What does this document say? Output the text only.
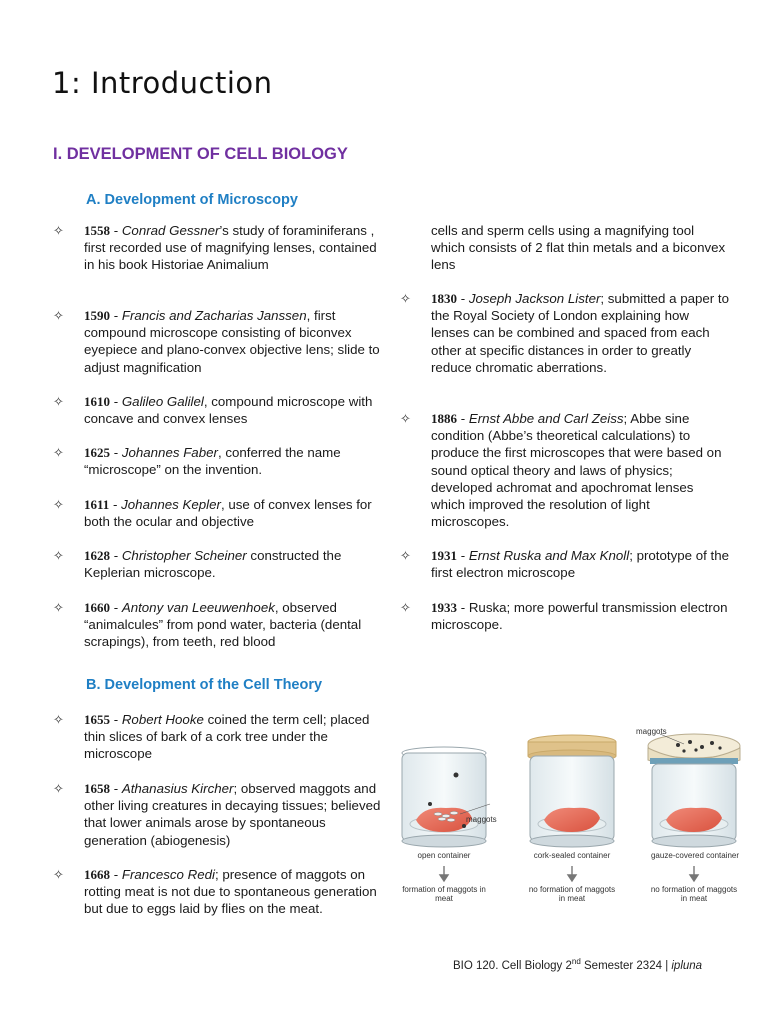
1: Introduction
I. DEVELOPMENT OF CELL BIOLOGY
A. Development of Microscopy
✧ 1558 - Conrad Gessner’s study of foraminiferans , first recorded use of magnifying lenses, contained in his book Historiae Animalium
✧ 1590 - Francis and Zacharias Janssen, first compound microscope consisting of biconvex eyepiece and plano-convex objective lens; slide to adjust magnification
✧ 1610 - Galileo Galilel, compound microscope with concave and convex lenses
✧ 1625 - Johannes Faber, conferred the name “microscope” on the invention.
✧ 1611 - Johannes Kepler, use of convex lenses for both the ocular and objective
✧ 1628 - Christopher Scheiner constructed the Keplerian microscope.
✧ 1660 - Antony van Leeuwenhoek, observed “animalcules” from pond water, bacteria (dental scrapings), from teeth, red blood
cells and sperm cells using a magnifying tool which consists of 2 flat thin metals and a biconvex lens
✧ 1830 - Joseph Jackson Lister; submitted a paper to the Royal Society of London explaining how lenses can be combined and spaced from each other at specific distances in order to greatly reduce chromatic aberrations.
✧ 1886 - Ernst Abbe and Carl Zeiss; Abbe sine condition (Abbe’s theoretical calculations) to produce the first microscopes that were based on sound optical theory and laws of physics; developed achromat and apochromat lenses which improved the resolution of light microscopes.
✧ 1931 - Ernst Ruska and Max Knoll; prototype of the first electron microscope
✧ 1933 - Ruska; more powerful transmission electron microscope.
B. Development of the Cell Theory
✧ 1655 - Robert Hooke coined the term cell; placed thin slices of bark of a cork tree under the microscope
✧ 1658 - Athanasius Kircher; observed maggots and other living creatures in decaying tissues; believed that lower animals arose by spontaneous generation (abiogenesis)
✧ 1668 - Francesco Redi; presence of maggots on rotting meat is not due to spontaneous generation but due to eggs laid by flies on the meat.
maggots
maggots
open container	cork-sealed container	gauze-covered container
formation of maggots in meat
no formation of maggots in meat
no formation of maggots in meat
BIO 120. Cell Biology 2nd Semester 2324 | ipluna
